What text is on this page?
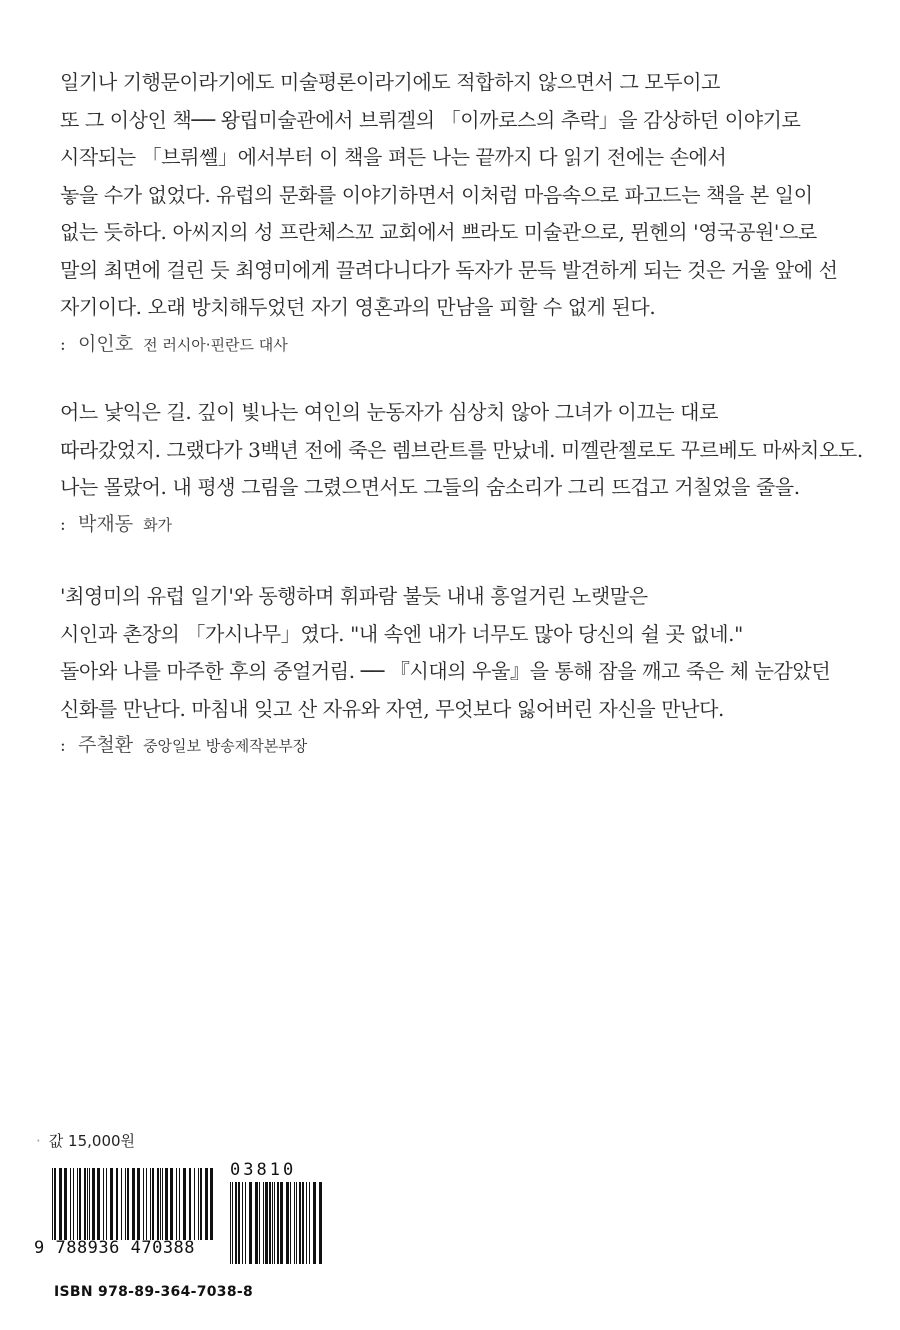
일기나 기행문이라기에도 미술평론이라기에도 적합하지 않으면서 그 모두이고
또 그 이상인 책── 왕립미술관에서 브뤼겔의 「이까로스의 추락」을 감상하던 이야기로
시작되는 「브뤼쎌」에서부터 이 책을 펴든 나는 끝까지 다 읽기 전에는 손에서
놓을 수가 없었다. 유럽의 문화를 이야기하면서 이처럼 마음속으로 파고드는 책을 본 일이
없는 듯하다. 아씨지의 성 프란체스꼬 교회에서 쁘라도 미술관으로, 뮌헨의 '영국공원'으로
말의 최면에 걸린 듯 최영미에게 끌려다니다가 독자가 문득 발견하게 되는 것은 거울 앞에 선
자기이다. 오래 방치해두었던 자기 영혼과의 만남을 피할 수 없게 된다.
: 이인호 전 러시아·핀란드 대사
어느 낯익은 길. 깊이 빛나는 여인의 눈동자가 심상치 않아 그녀가 이끄는 대로
따라갔었지. 그랬다가 3백년 전에 죽은 렘브란트를 만났네. 미껠란젤로도 꾸르베도 마싸치오도.
나는 몰랐어. 내 평생 그림을 그렸으면서도 그들의 숨소리가 그리 뜨겁고 거칠었을 줄을.
: 박재동 화가
'최영미의 유럽 일기'와 동행하며 휘파람 불듯 내내 흥얼거린 노랫말은
시인과 촌장의 「가시나무」였다. "내 속엔 내가 너무도 많아 당신의 쉴 곳 없네."
돌아와 나를 마주한 후의 중얼거림. ── 『시대의 우울』을 통해 잠을 깨고 죽은 체 눈감았던
신화를 만난다. 마침내 잊고 산 자유와 자연, 무엇보다 잃어버린 자신을 만난다.
: 주철환 중앙일보 방송제작본부장
· 값 15,000원
03810
9 788936 470388
ISBN 978-89-364-7038-8
